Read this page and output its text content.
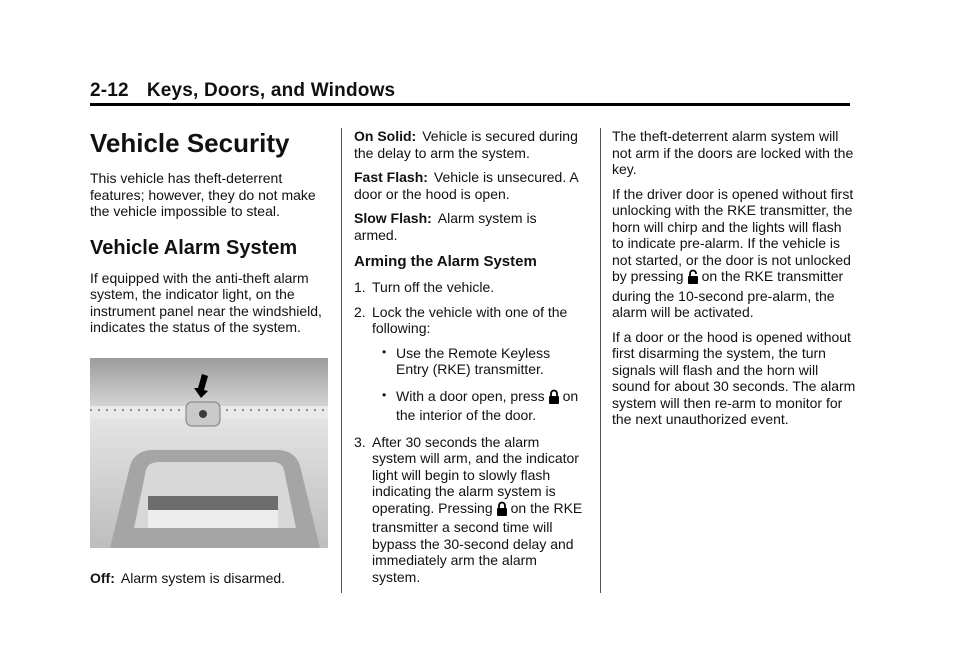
2-12 Keys, Doors, and Windows
Vehicle Security

This vehicle has theft-deterrent features; however, they do not make the vehicle impossible to steal.

Vehicle Alarm System

If equipped with the anti-theft alarm system, the indicator light, on the instrument panel near the windshield, indicates the status of the system.

Off: Alarm system is disarmed.

On Solid: Vehicle is secured during the delay to arm the system.

Fast Flash: Vehicle is unsecured. A door or the hood is open.

Slow Flash: Alarm system is armed.

Arming the Alarm System
1. Turn off the vehicle.
2. Lock the vehicle with one of the following:
• Use the Remote Keyless Entry (RKE) transmitter.
• With a door open, press on the interior of the door.
3. After 30 seconds the alarm system will arm, and the indicator light will begin to slowly flash indicating the alarm system is operating. Pressing on the RKE transmitter a second time will bypass the 30-second delay and immediately arm the alarm system.

The theft-deterrent alarm system will not arm if the doors are locked with the key.

If the driver door is opened without first unlocking with the RKE transmitter, the horn will chirp and the lights will flash to indicate pre-alarm. If the vehicle is not started, or the door is not unlocked by pressing on the RKE transmitter during the 10-second pre-alarm, the alarm will be activated.

If a door or the hood is opened without first disarming the system, the turn signals will flash and the horn will sound for about 30 seconds. The alarm system will then re-arm to monitor for the next unauthorized event.
